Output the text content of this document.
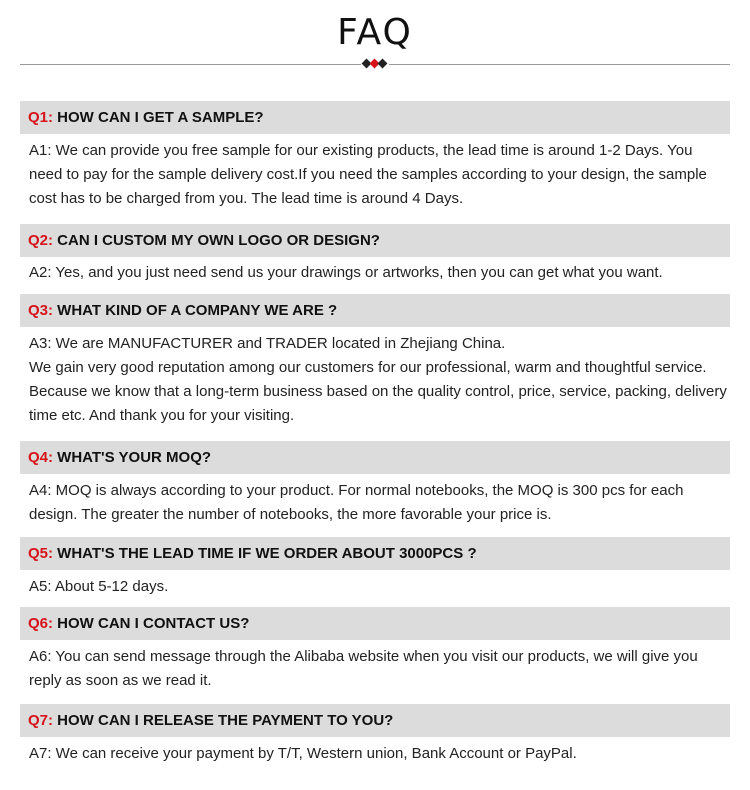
FAQ
Q1: HOW CAN I GET A SAMPLE?
A1: We can provide you free sample for our existing products, the lead time is around 1-2 Days. You need to pay for the sample delivery cost.If you need the samples according to your design, the sample cost has to be charged from you. The lead time is around 4 Days.
Q2: CAN I CUSTOM MY OWN LOGO OR DESIGN?
A2: Yes, and you just need send us your drawings or artworks, then you can get what you want.
Q3: WHAT KIND OF A COMPANY WE ARE ?
A3: We are MANUFACTURER and TRADER located in Zhejiang China.
We gain very good reputation among our customers for our professional, warm and thoughtful service. Because we know that a long-term business based on the quality control, price, service, packing, delivery time etc. And thank you for your visiting.
Q4: WHAT'S YOUR MOQ?
A4: MOQ is always according to your product. For normal notebooks, the MOQ is 300 pcs for each design. The greater the number of notebooks, the more favorable your price is.
Q5: WHAT'S THE LEAD TIME IF WE ORDER ABOUT 3000PCS ?
A5: About 5-12 days.
Q6: HOW CAN I CONTACT US?
A6: You can send message through the Alibaba website when you visit our products, we will give you reply as soon as we read it.
Q7: HOW CAN I RELEASE THE PAYMENT TO YOU?
A7: We can receive your payment by T/T, Western union, Bank Account or PayPal.
